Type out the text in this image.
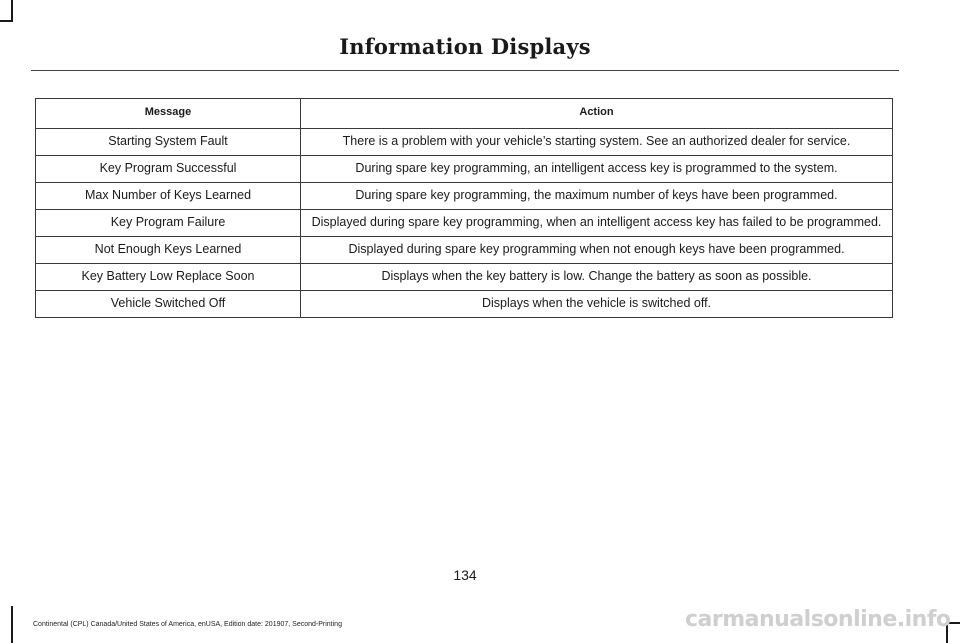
Information Displays
Message	Action
Starting System Fault	There is a problem with your vehicle’s starting system. See an authorized dealer for service.
Key Program Successful	During spare key programming, an intelligent access key is programmed to the system.
Max Number of Keys Learned	During spare key programming, the maximum number of keys have been programmed.
Key Program Failure	Displayed during spare key programming, when an intelligent access key has failed to be programmed.
Not Enough Keys Learned	Displayed during spare key programming when not enough keys have been programmed.
Key Battery Low Replace Soon	Displays when the key battery is low. Change the battery as soon as possible.
Vehicle Switched Off	Displays when the vehicle is switched off.
134
Continental (CPL) Canada/United States of America, enUSA, Edition date: 201907, Second-Printing	carmanualsonline.info
